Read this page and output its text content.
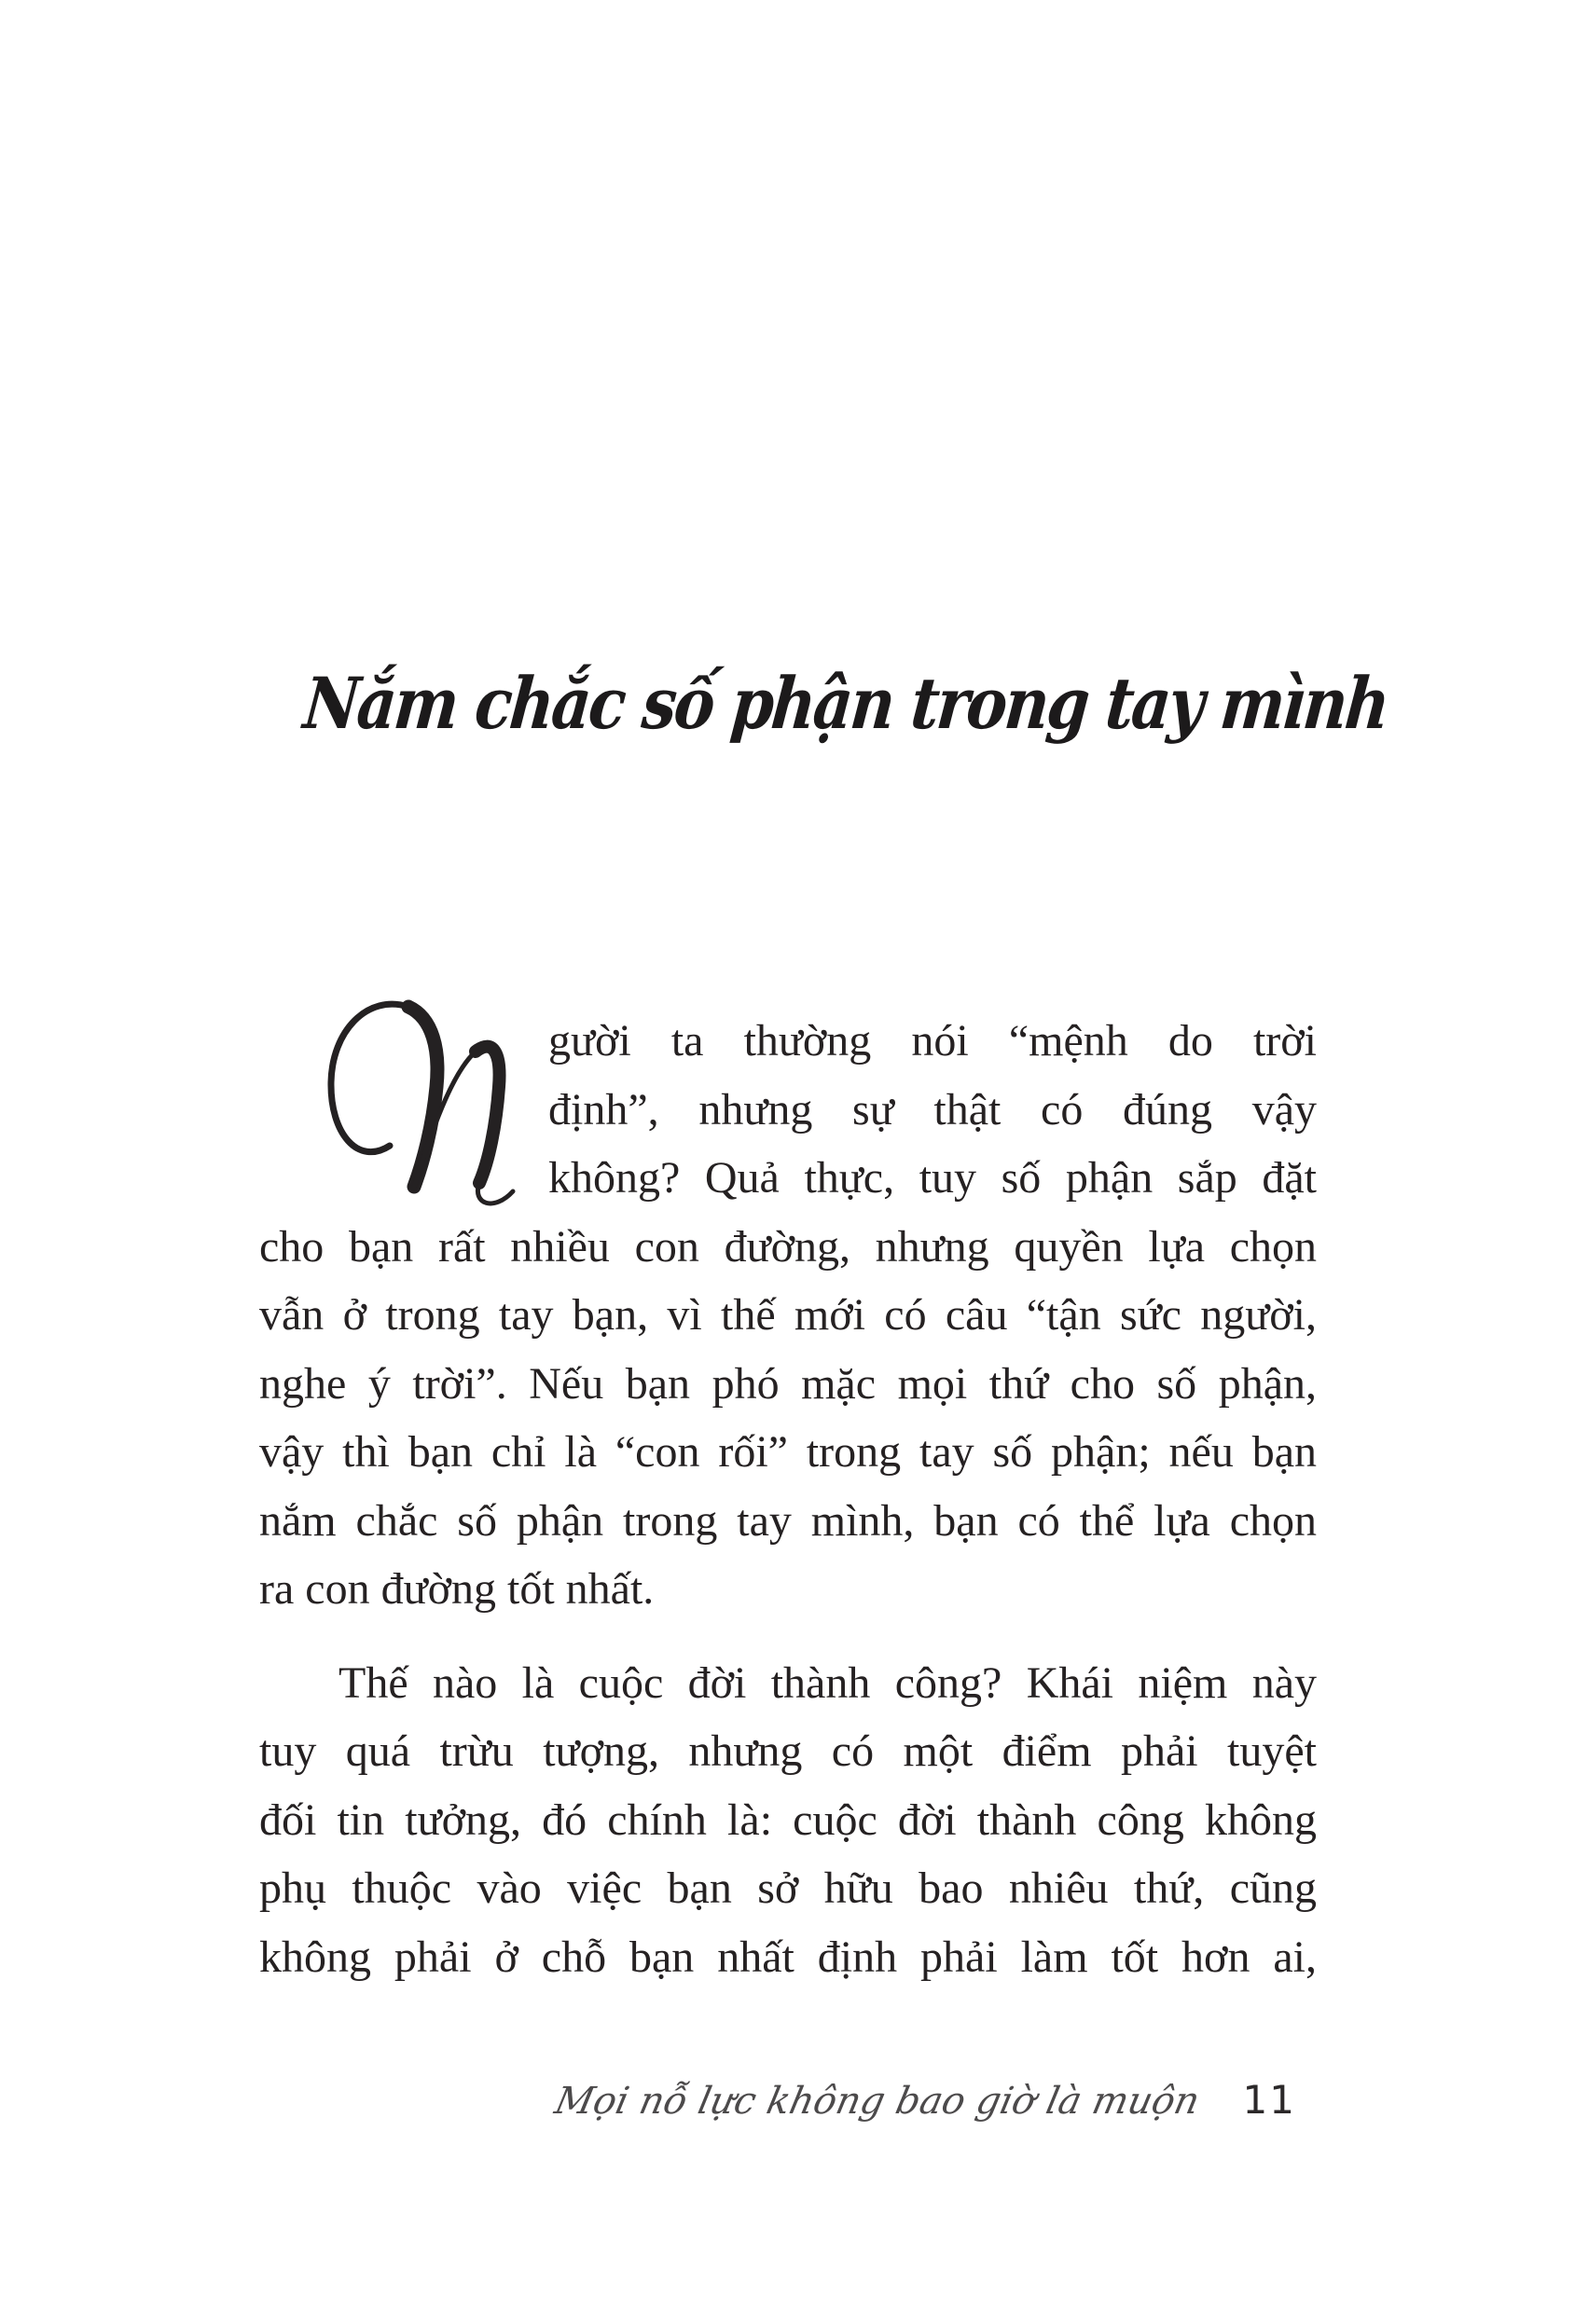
Nắm chắc số phận trong tay mình

gười ta thường nói “mệnh do trời
định”, nhưng sự thật có đúng vậy
không? Quả thực, tuy số phận sắp đặt
cho bạn rất nhiều con đường, nhưng quyền lựa chọn
vẫn ở trong tay bạn, vì thế mới có câu “tận sức người,
nghe ý trời”. Nếu bạn phó mặc mọi thứ cho số phận,
vậy thì bạn chỉ là “con rối” trong tay số phận; nếu bạn
nắm chắc số phận trong tay mình, bạn có thể lựa chọn
ra con đường tốt nhất.

Thế nào là cuộc đời thành công? Khái niệm này
tuy quá trừu tượng, nhưng có một điểm phải tuyệt
đối tin tưởng, đó chính là: cuộc đời thành công không
phụ thuộc vào việc bạn sở hữu bao nhiêu thứ, cũng
không phải ở chỗ bạn nhất định phải làm tốt hơn ai,

Mọi nỗ lực không bao giờ là muộn 11
